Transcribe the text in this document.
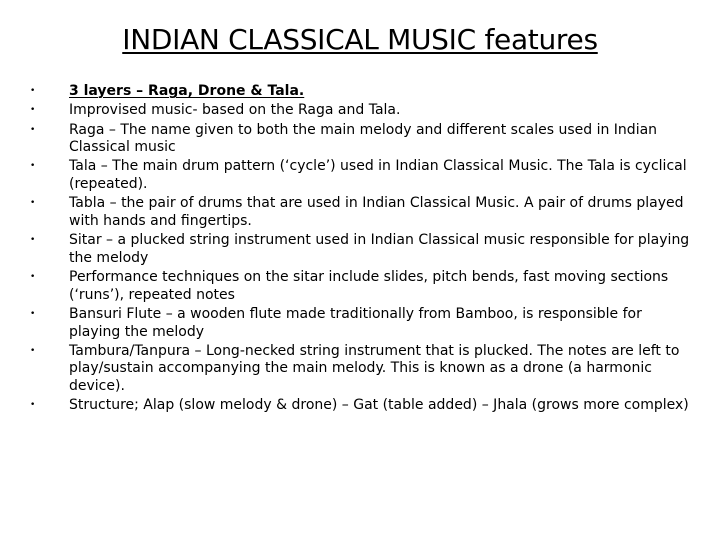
INDIAN CLASSICAL MUSIC features
• 3 layers – Raga, Drone & Tala.
• Improvised music- based on the Raga and Tala.
• Raga – The name given to both the main melody and different scales used in Indian Classical music
• Tala – The main drum pattern (‘cycle’) used in Indian Classical Music. The Tala is cyclical (repeated).
• Tabla – the pair of drums that are used in Indian Classical Music. A pair of drums played with hands and fingertips.
• Sitar – a plucked string instrument used in Indian Classical music responsible for playing the melody
• Performance techniques on the sitar include slides, pitch bends, fast moving sections (‘runs’), repeated notes
• Bansuri Flute – a wooden flute made traditionally from Bamboo, is responsible for playing the melody
• Tambura/Tanpura – Long-necked string instrument that is plucked. The notes are left to play/sustain accompanying the main melody. This is known as a drone (a harmonic device).
• Structure; Alap (slow melody & drone) – Gat (table added) – Jhala (grows more complex)
